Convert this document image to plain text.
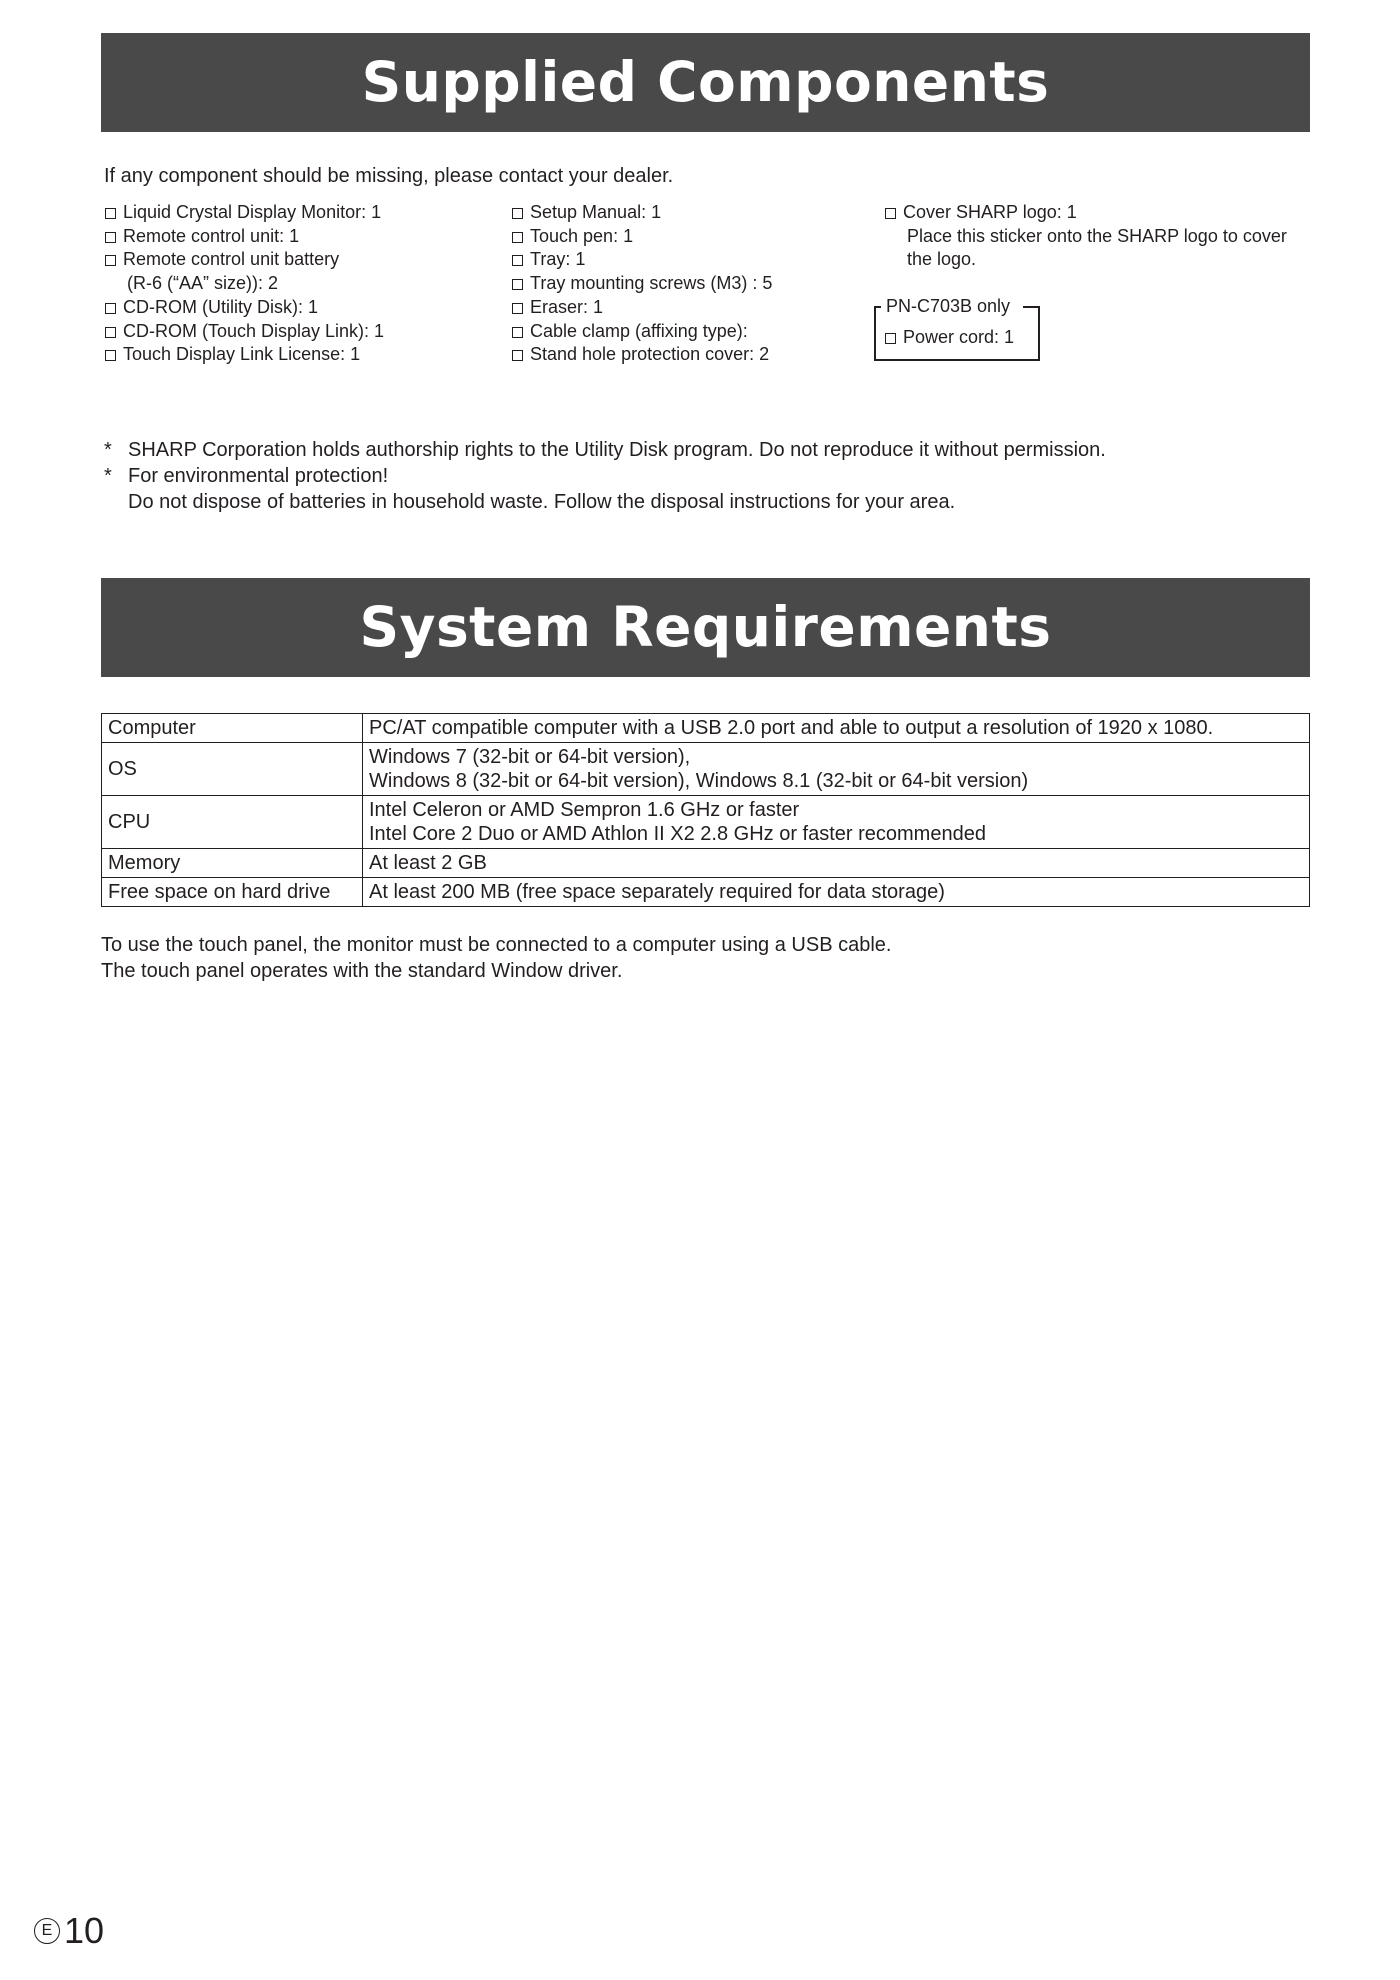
Supplied Components
If any component should be missing, please contact your dealer.
Liquid Crystal Display Monitor: 1
Remote control unit: 1
Remote control unit battery
(R-6 (“AA” size)): 2
CD-ROM (Utility Disk): 1
CD-ROM (Touch Display Link): 1
Touch Display Link License: 1
Setup Manual: 1
Touch pen: 1
Tray: 1
Tray mounting screws (M3) : 5
Eraser: 1
Cable clamp (affixing type):
Stand hole protection cover: 2
Cover SHARP logo: 1
Place this sticker onto the SHARP logo to cover
the logo.
PN-C703B only
Power cord: 1
* SHARP Corporation holds authorship rights to the Utility Disk program. Do not reproduce it without permission.
* For environmental protection!
Do not dispose of batteries in household waste. Follow the disposal instructions for your area.
System Requirements
Computer	PC/AT compatible computer with a USB 2.0 port and able to output a resolution of 1920 x 1080.

OS	Windows 7 (32-bit or 64-bit version),
Windows 8 (32-bit or 64-bit version), Windows 8.1 (32-bit or 64-bit version)

CPU	Intel Celeron or AMD Sempron 1.6 GHz or faster
Intel Core 2 Duo or AMD Athlon II X2 2.8 GHz or faster recommended

Memory	At least 2 GB

Free space on hard drive	At least 200 MB (free space separately required for data storage)
To use the touch panel, the monitor must be connected to a computer using a USB cable.
The touch panel operates with the standard Window driver.
E 10
